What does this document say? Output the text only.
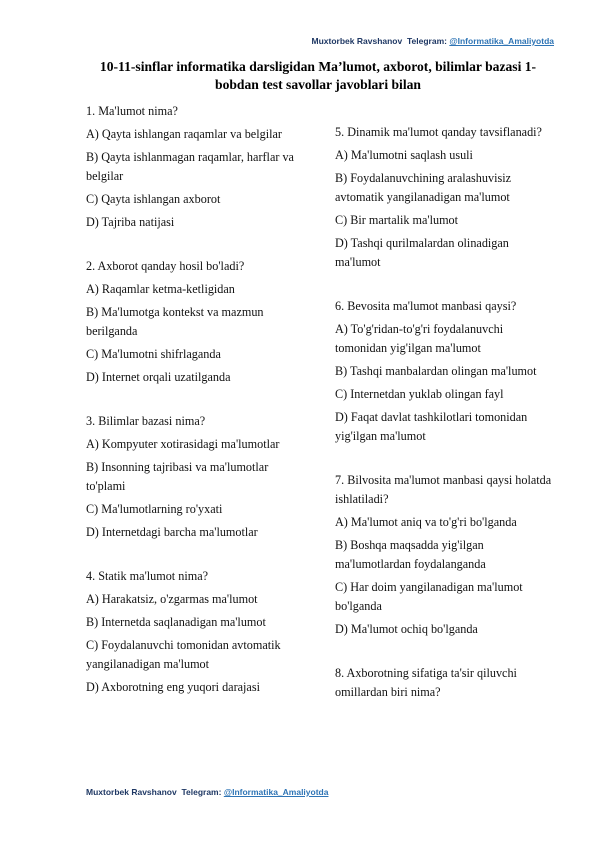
Muxtorbek Ravshanov Telegram: @Informatika_Amaliyotda
10-11-sinflar informatika darsligidan Ma’lumot, axborot, bilimlar bazasi 1-bobdan test savollar javoblari bilan

1. Ma'lumot nima?

A) Qayta ishlangan raqamlar va belgilar

B) Qayta ishlanmagan raqamlar, harflar va belgilar

C) Qayta ishlangan axborot

D) Tajriba natijasi

2. Axborot qanday hosil bo'ladi?

A) Raqamlar ketma-ketligidan

B) Ma'lumotga kontekst va mazmun berilganda

C) Ma'lumotni shifrlaganda

D) Internet orqali uzatilganda

3. Bilimlar bazasi nima?

A) Kompyuter xotirasidagi ma'lumotlar

B) Insonning tajribasi va ma'lumotlar to'plami

C) Ma'lumotlarning ro'yxati

D) Internetdagi barcha ma'lumotlar

4. Statik ma'lumot nima?

A) Harakatsiz, o'zgarmas ma'lumot

B) Internetda saqlanadigan ma'lumot

C) Foydalanuvchi tomonidan avtomatik yangilanadigan ma'lumot

D) Axborotning eng yuqori darajasi

5. Dinamik ma'lumot qanday tavsiflanadi?

A) Ma'lumotni saqlash usuli

B) Foydalanuvchining aralashuvisiz avtomatik yangilanadigan ma'lumot

C) Bir martalik ma'lumot

D) Tashqi qurilmalardan olinadigan ma'lumot

6. Bevosita ma'lumot manbasi qaysi?

A) To'g'ridan-to'g'ri foydalanuvchi tomonidan yig'ilgan ma'lumot

B) Tashqi manbalardan olingan ma'lumot

C) Internetdan yuklab olingan fayl

D) Faqat davlat tashkilotlari tomonidan yig'ilgan ma'lumot

7. Bilvosita ma'lumot manbasi qaysi holatda ishlatiladi?

A) Ma'lumot aniq va to'g'ri bo'lganda

B) Boshqa maqsadda yig'ilgan ma'lumotlardan foydalanganda

C) Har doim yangilanadigan ma'lumot bo'lganda

D) Ma'lumot ochiq bo'lganda

8. Axborotning sifatiga ta'sir qiluvchi omillardan biri nima?

Muxtorbek Ravshanov Telegram: @Informatika_Amaliyotda
